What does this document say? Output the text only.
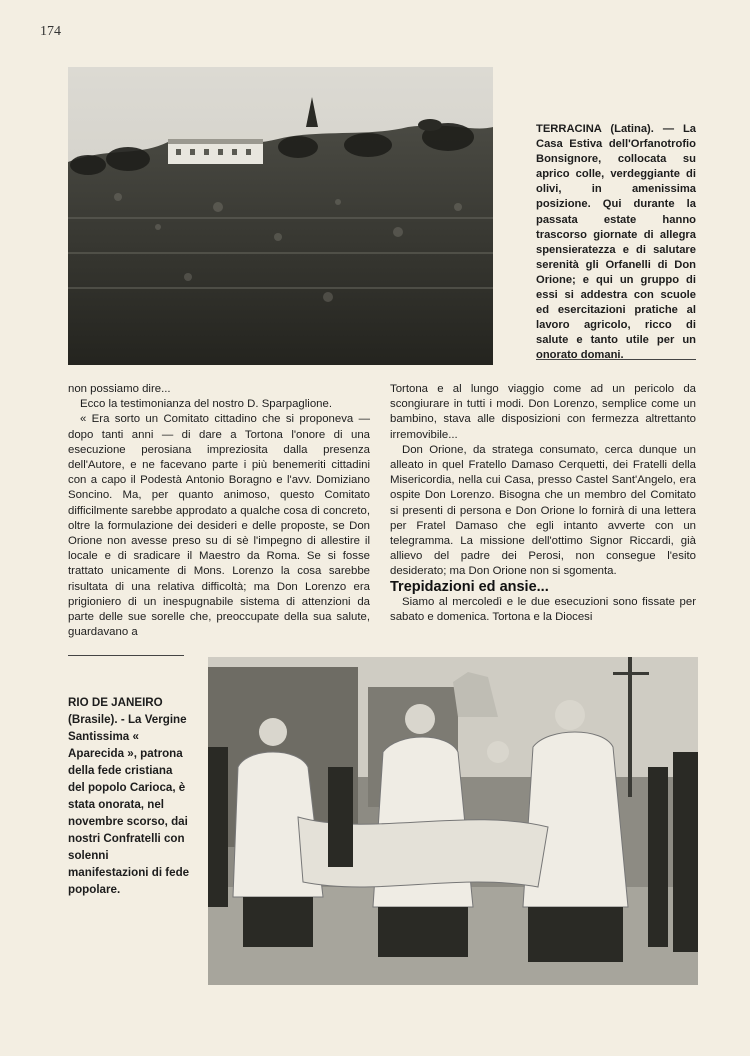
174

TERRACINA (Latina). — La Casa Estiva dell'Orfanotrofio Bonsignore, collocata su aprico colle, verdeggiante di olivi, in amenissima posizione. Qui durante la passata estate hanno trascorso giornate di allegra spensieratezza e di salutare serenità gli Orfanelli di Don Orione; e qui un gruppo di essi si addestra con scuole ed esercitazioni pratiche al lavoro agricolo, ricco di salute e tanto utile per un onorato domani.

non possiamo dire...

Ecco la testimonianza del nostro D. Sparpaglione.

« Era sorto un Comitato cittadino che si proponeva — dopo tanti anni — di dare a Tortona l'onore di una esecuzione perosiana impreziosita dalla presenza dell'Autore, e ne facevano parte i più benemeriti cittadini con a capo il Podestà Antonio Boragno e l'avv. Domiziano Soncino. Ma, per quanto animoso, questo Comitato difficilmente sarebbe approdato a qualche cosa di concreto, oltre la formulazione dei desideri e delle proposte, se Don Orione non avesse preso su di sè l'impegno di allestire il locale e di sradicare il Maestro da Roma. Se si fosse trattato unicamente di Mons. Lorenzo la cosa sarebbe risultata di una relativa difficoltà; ma Don Lorenzo era prigioniero di un inespugnabile sistema di attenzioni da parte delle sue sorelle che, preoccupate della sua salute, guardavano a

Tortona e al lungo viaggio come ad un pericolo da scongiurare in tutti i modi. Don Lorenzo, semplice come un bambino, stava alle disposizioni con fermezza altrettanto irremovibile...

Don Orione, da stratega consumato, cerca dunque un alleato in quel Fratello Damaso Cerquetti, dei Fratelli della Misericordia, nella cui Casa, presso Castel Sant'Angelo, era ospite Don Lorenzo. Bisogna che un membro del Comitato si presenti di persona e Don Orione lo fornirà di una lettera per Fratel Damaso che egli intanto avverte con un telegramma. La missione dell'ottimo Signor Riccardi, già allievo del padre dei Perosi, non consegue l'esito desiderato; ma Don Orione non si sgomenta.

Trepidazioni ed ansie...

Siamo al mercoledì e le due esecuzioni sono fissate per sabato e domenica. Tortona e la Diocesi

RIO DE JANEIRO (Brasile). - La Vergine Santissima « Aparecida », patrona della fede cristiana del popolo Carioca, è stata onorata, nel novembre scorso, dai nostri Confratelli con solenni manifestazioni di fede popolare.
